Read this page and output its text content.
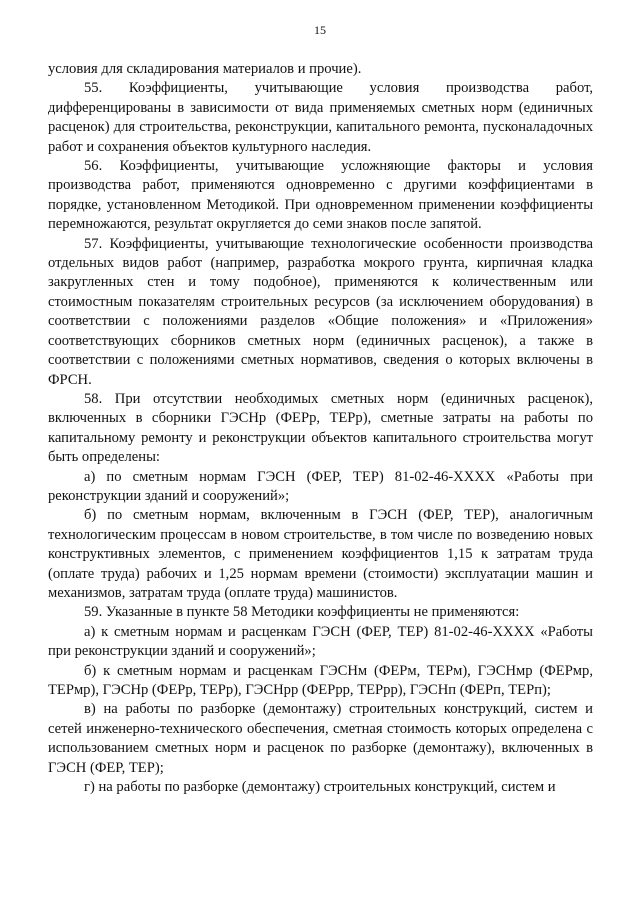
15

условия для складирования материалов и прочие).

55. Коэффициенты, учитывающие условия производства работ, дифференцированы в зависимости от вида применяемых сметных норм (единичных расценок) для строительства, реконструкции, капитального ремонта, пусконаладочных работ и сохранения объектов культурного наследия.

56. Коэффициенты, учитывающие усложняющие факторы и условия производства работ, применяются одновременно с другими коэффициентами в порядке, установленном Методикой. При одновременном применении коэффициенты перемножаются, результат округляется до семи знаков после запятой.

57. Коэффициенты, учитывающие технологические особенности производства отдельных видов работ (например, разработка мокрого грунта, кирпичная кладка закругленных стен и тому подобное), применяются к количественным или стоимостным показателям строительных ресурсов (за исключением оборудования) в соответствии с положениями разделов «Общие положения» и «Приложения» соответствующих сборников сметных норм (единичных расценок), а также в соответствии с положениями сметных нормативов, сведения о которых включены в ФРСН.

58. При отсутствии необходимых сметных норм (единичных расценок), включенных в сборники ГЭСНр (ФЕРр, ТЕРр), сметные затраты на работы по капитальному ремонту и реконструкции объектов капитального строительства могут быть определены:

а) по сметным нормам ГЭСН (ФЕР, ТЕР) 81-02-46-XXXX «Работы при реконструкции зданий и сооружений»;

б) по сметным нормам, включенным в ГЭСН (ФЕР, ТЕР), аналогичным технологическим процессам в новом строительстве, в том числе по возведению новых конструктивных элементов, с применением коэффициентов 1,15 к затратам труда (оплате труда) рабочих и 1,25 нормам времени (стоимости) эксплуатации машин и механизмов, затратам труда (оплате труда) машинистов.

59. Указанные в пункте 58 Методики коэффициенты не применяются:

а) к сметным нормам и расценкам ГЭСН (ФЕР, ТЕР) 81-02-46-XXXX «Работы при реконструкции зданий и сооружений»;

б) к сметным нормам и расценкам ГЭСНм (ФЕРм, ТЕРм), ГЭСНмр (ФЕРмр, ТЕРмр), ГЭСНр (ФЕРр, ТЕРр), ГЭСНрр (ФЕРрр, ТЕРрр), ГЭСНп (ФЕРп, ТЕРп);

в) на работы по разборке (демонтажу) строительных конструкций, систем и сетей инженерно-технического обеспечения, сметная стоимость которых определена с использованием сметных норм и расценок по разборке (демонтажу), включенных в ГЭСН (ФЕР, ТЕР);

г) на работы по разборке (демонтажу) строительных конструкций, систем и
